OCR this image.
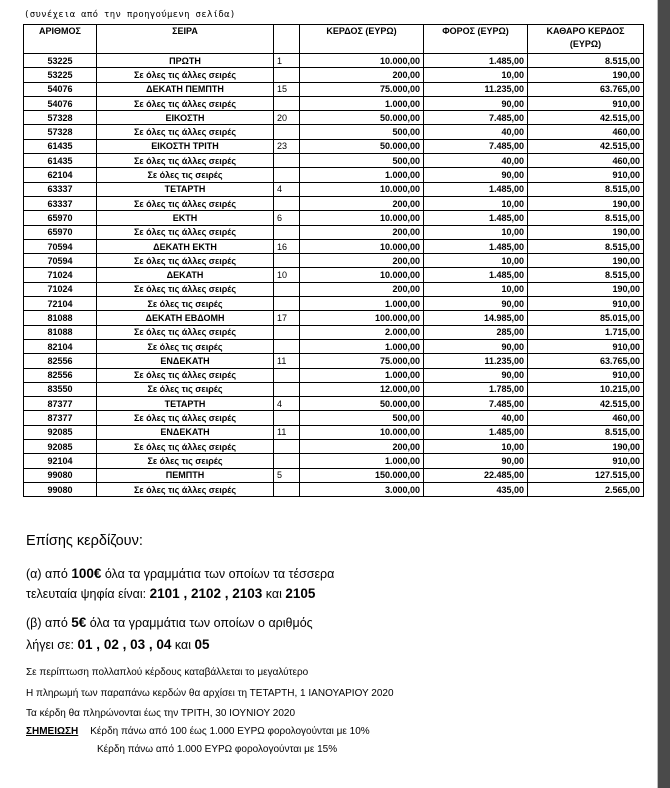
(συνέχεια από την προηγούμενη σελίδα)
ΑΡΙΘΜΟΣ	ΣΕΙΡΑ		ΚΕΡΔΟΣ (ΕΥΡΩ)	ΦΟΡΟΣ (ΕΥΡΩ)	ΚΑΘΑΡΟ ΚΕΡΔΟΣ (ΕΥΡΩ)
53225	ΠΡΩΤΗ	1	10.000,00	1.485,00	8.515,00
53225	Σε όλες τις άλλες σειρές		200,00	10,00	190,00
54076	ΔΕΚΑΤΗ ΠΕΜΠΤΗ	15	75.000,00	11.235,00	63.765,00
54076	Σε όλες τις άλλες σειρές		1.000,00	90,00	910,00
57328	ΕΙΚΟΣΤΗ	20	50.000,00	7.485,00	42.515,00
57328	Σε όλες τις άλλες σειρές		500,00	40,00	460,00
61435	ΕΙΚΟΣΤΗ ΤΡΙΤΗ	23	50.000,00	7.485,00	42.515,00
61435	Σε όλες τις άλλες σειρές		500,00	40,00	460,00
62104	Σε όλες τις σειρές		1.000,00	90,00	910,00
63337	ΤΕΤΑΡΤΗ	4	10.000,00	1.485,00	8.515,00
63337	Σε όλες τις άλλες σειρές		200,00	10,00	190,00
65970	ΕΚΤΗ	6	10.000,00	1.485,00	8.515,00
65970	Σε όλες τις άλλες σειρές		200,00	10,00	190,00
70594	ΔΕΚΑΤΗ ΕΚΤΗ	16	10.000,00	1.485,00	8.515,00
70594	Σε όλες τις άλλες σειρές		200,00	10,00	190,00
71024	ΔΕΚΑΤΗ	10	10.000,00	1.485,00	8.515,00
71024	Σε όλες τις άλλες σειρές		200,00	10,00	190,00
72104	Σε όλες τις σειρές		1.000,00	90,00	910,00
81088	ΔΕΚΑΤΗ ΕΒΔΟΜΗ	17	100.000,00	14.985,00	85.015,00
81088	Σε όλες τις άλλες σειρές		2.000,00	285,00	1.715,00
82104	Σε όλες τις σειρές		1.000,00	90,00	910,00
82556	ΕΝΔΕΚΑΤΗ	11	75.000,00	11.235,00	63.765,00
82556	Σε όλες τις άλλες σειρές		1.000,00	90,00	910,00
83550	Σε όλες τις σειρές		12.000,00	1.785,00	10.215,00
87377	ΤΕΤΑΡΤΗ	4	50.000,00	7.485,00	42.515,00
87377	Σε όλες τις άλλες σειρές		500,00	40,00	460,00
92085	ΕΝΔΕΚΑΤΗ	11	10.000,00	1.485,00	8.515,00
92085	Σε όλες τις άλλες σειρές		200,00	10,00	190,00
92104	Σε όλες τις σειρές		1.000,00	90,00	910,00
99080	ΠΕΜΠΤΗ	5	150.000,00	22.485,00	127.515,00
99080	Σε όλες τις άλλες σειρές		3.000,00	435,00	2.565,00
Επίσης κερδίζουν:
(α) από 100€ όλα τα γραμμάτια των οποίων τα τέσσερα
τελευταία ψηφία είναι: 2101 , 2102 , 2103 και 2105
(β) από 5€ όλα τα γραμμάτια των οποίων ο αριθμός
λήγει σε: 01 , 02 , 03 , 04 και 05
Σε περίπτωση πολλαπλού κέρδους καταβάλλεται το μεγαλύτερο
Η πληρωμή των παραπάνω κερδών θα αρχίσει τη ΤΕΤΑΡΤΗ, 1 ΙΑΝΟΥΑΡΙΟΥ 2020
Τα κέρδη θα πληρώνονται έως την ΤΡΙΤΗ, 30 ΙΟΥΝΙΟΥ 2020
ΣΗΜΕΙΩΣΗ Κέρδη πάνω από 100 έως 1.000 ΕΥΡΩ φορολογούνται με 10%
Κέρδη πάνω από 1.000 ΕΥΡΩ φορολογούνται με 15%
